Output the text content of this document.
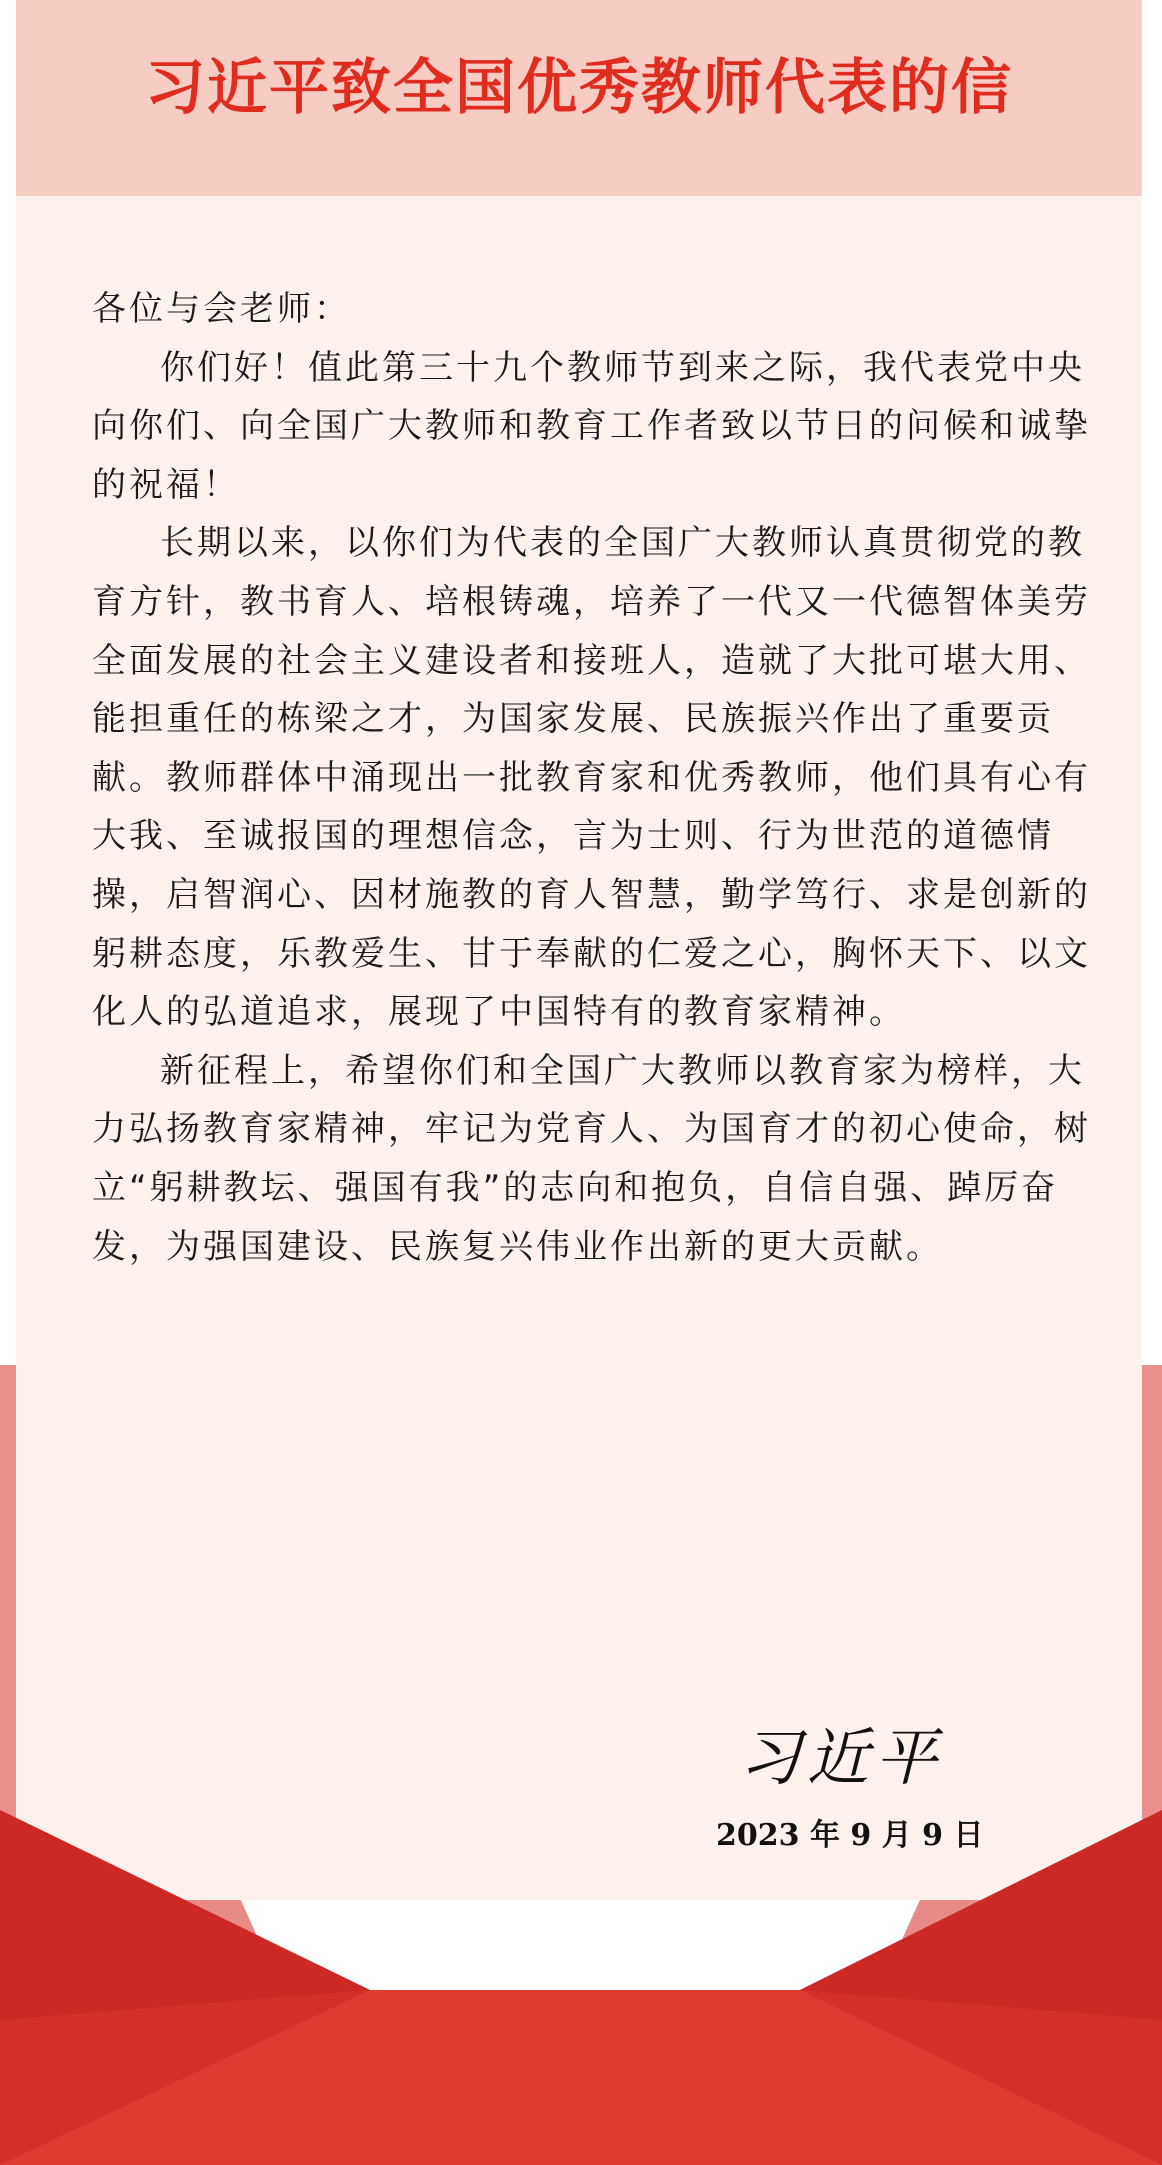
习近平致全国优秀教师代表的信

各位与会老师：

你们好！值此第三十九个教师节到来之际，我代表党中央向你们、向全国广大教师和教育工作者致以节日的问候和诚挚的祝福！

长期以来，以你们为代表的全国广大教师认真贯彻党的教育方针，教书育人、培根铸魂，培养了一代又一代德智体美劳全面发展的社会主义建设者和接班人，造就了大批可堪大用、能担重任的栋梁之才，为国家发展、民族振兴作出了重要贡献。教师群体中涌现出一批教育家和优秀教师，他们具有心有大我、至诚报国的理想信念，言为士则、行为世范的道德情操，启智润心、因材施教的育人智慧，勤学笃行、求是创新的躬耕态度，乐教爱生、甘于奉献的仁爱之心，胸怀天下、以文化人的弘道追求，展现了中国特有的教育家精神。

新征程上，希望你们和全国广大教师以教育家为榜样，大力弘扬教育家精神，牢记为党育人、为国育才的初心使命，树立“躬耕教坛、强国有我”的志向和抱负，自信自强、踔厉奋发，为强国建设、民族复兴伟业作出新的更大贡献。

习近平
2023 年 9 月 9 日
